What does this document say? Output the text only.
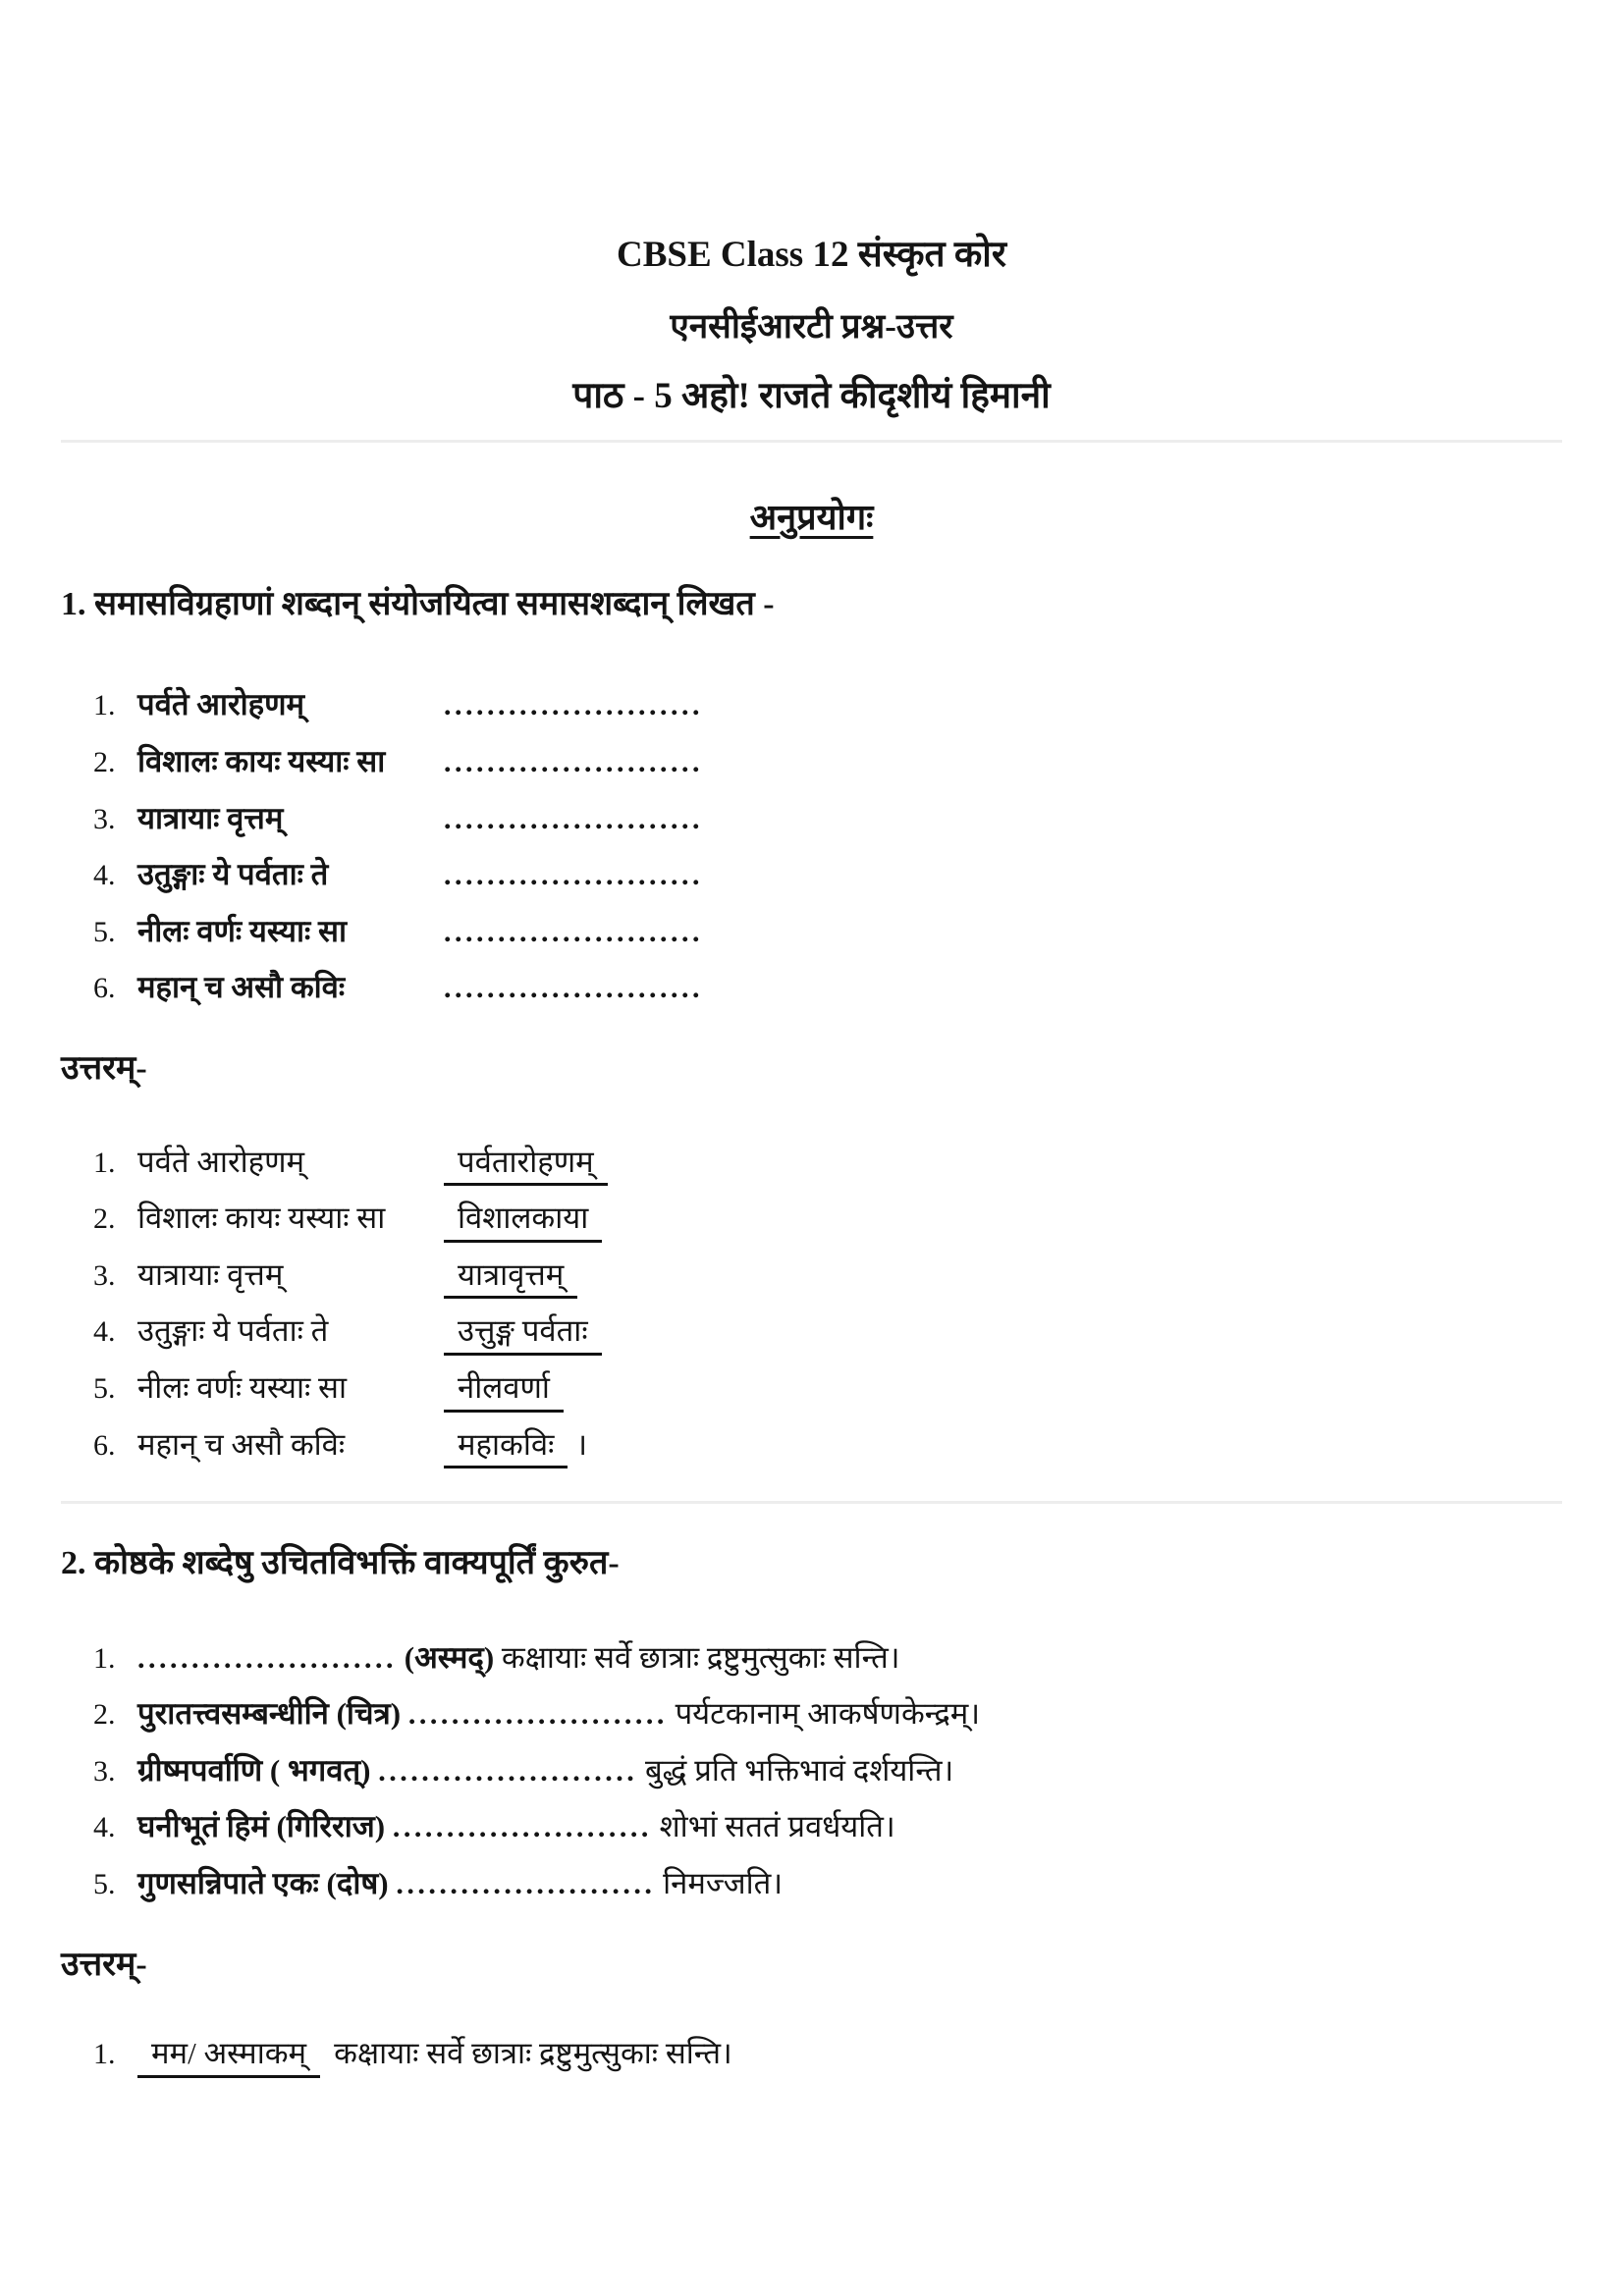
CBSE Class 12 संस्कृत कोर
एनसीईआरटी प्रश्न-उत्तर
पाठ - 5 अहो! राजते कीदृशीयं हिमानी
अनुप्रयोगः
1. समासविग्रहाणां शब्दान् संयोजयित्वा समासशब्दान् लिखत -
1. पर्वते आरोहणम्	........................
2. विशालः कायः यस्याः सा	........................
3. यात्रायाः वृत्तम्	........................
4. उतुङ्गाः ये पर्वताः ते	........................
5. नीलः वर्णः यस्याः सा	........................
6. महान् च असौ कविः	........................
उत्तरम्-
1. पर्वते आरोहणम्	पर्वतारोहणम्
2. विशालः कायः यस्याः सा	विशालकाया
3. यात्रायाः वृत्तम्	यात्रावृत्तम्
4. उतुङ्गाः ये पर्वताः ते	उत्तुङ्ग पर्वताः
5. नीलः वर्णः यस्याः सा	नीलवर्णा
6. महान् च असौ कविः	महाकविः ।
2. कोष्ठके शब्देषु उचितविभक्तिं वाक्यपूर्तिं कुरुत-
1. ........................ (अस्मद्) कक्षायाः सर्वे छात्राः द्रष्टुमुत्सुकाः सन्ति।
2. पुरातत्त्वसम्बन्धीनि (चित्र) ........................ पर्यटकानाम् आकर्षणकेन्द्रम्।
3. ग्रीष्मपर्वाणि ( भगवत्) ........................ बुद्धं प्रति भक्तिभावं दर्शयन्ति।
4. घनीभूतं हिमं (गिरिराज) ........................ शोभां सततं प्रवर्धयति।
5. गुणसन्निपाते एकः (दोष) ........................ निमज्जति।
उत्तरम्-
1.	मम/ अस्माकम् कक्षायाः सर्वे छात्राः द्रष्टुमुत्सुकाः सन्ति।
